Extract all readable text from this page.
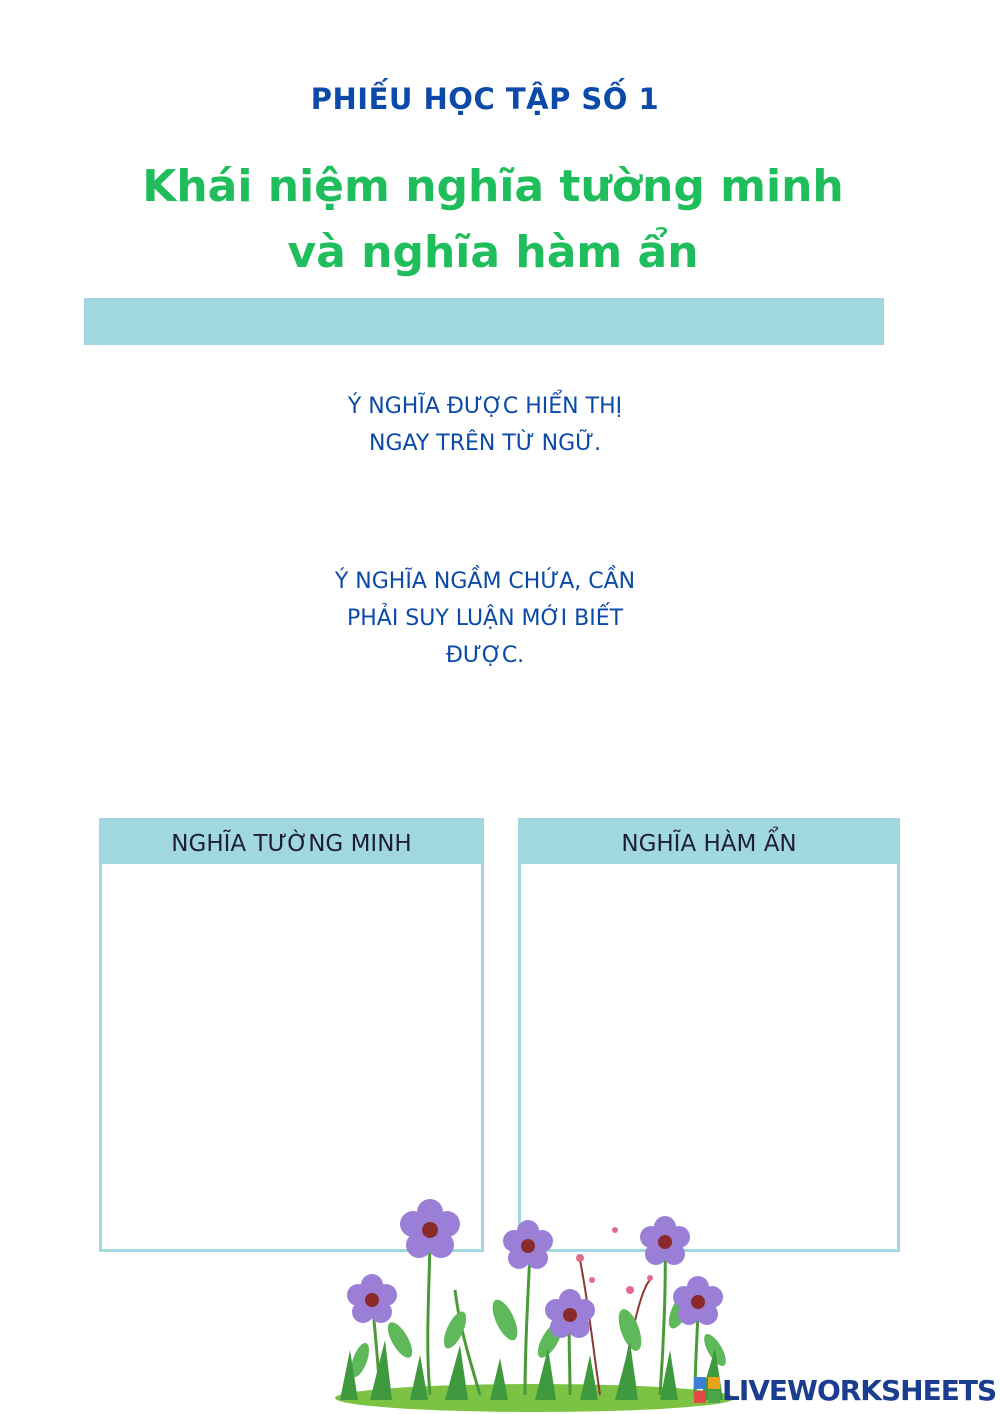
PHIẾU HỌC TẬP SỐ 1
Khái niệm nghĩa tường minh
và nghĩa hàm ẩn
Ý NGHĨA ĐƯỢC HIỂN THỊ
NGAY TRÊN TỪ NGỮ.
Ý NGHĨA NGẦM CHỨA, CẦN
PHẢI SUY LUẬN MỚI BIẾT
ĐƯỢC.
NGHĨA TƯỜNG MINH	NGHĨA HÀM ẨN
LIVEWORKSHEETS
